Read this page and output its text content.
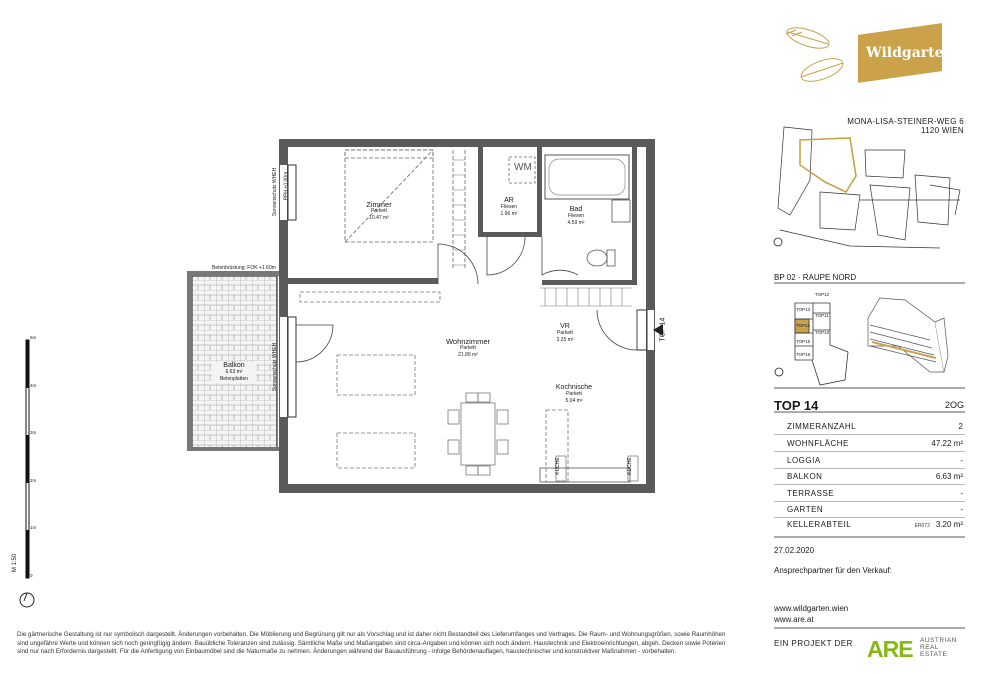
Zimmer
Parkett
10.47 m²
AR
Fliesen
1.96 m²
WM
Bad
Fliesen
4.59 m²
Wohnzimmer
Parkett
21.89 m²
VR
Parkett
3.25 m²
Kochnische
Parkett
5.04 m²
Balkon
6.63 m²
Betonplatten
Betonbrüstung: FOK +1.60m
Sonnenschutz WHEH PPH +0.00m
Sonnenschutz WHEH
KÜCHE	KÜCHE
TOP 14
5m
4m
3m
2m
1m
0
M 1:50
Wildgarten
MONA-LISA-STEINER-WEG 6
1120 WIEN
BP 02 · RAUPE NORD
TOP12
TOP13
TOP11
TOP14
TOP10
TOP15
TOP16
TOP 14	2OG
ZIMMERANZAHL	2
WOHNFLÄCHE	47.22 m²
LOGGIA	-
BALKON	6.63 m²
TERRASSE	-
GARTEN	-
KELLERABTEIL	ER072 3.20 m²
27.02.2020
Ansprechpartner für den Verkauf:
www.wildgarten.wien
www.are.at
EIN PROJEKT DER ARE AUSTRIAN
REAL
ESTATE
Die gärtnerische Gestaltung ist nur symbolisch dargestellt. Änderungen vorbehalten. Die Möblierung und Begrünung gilt nur als Vorschlag und ist daher nicht Bestandteil des Lieferumfanges und Vertrages. Die Raum- und Wohnungsgrößen, sowie Raumhöhen sind ungefähre Werte und können sich noch geringfügig ändern. Bauübliche Toleranzen sind zulässig. Sämtliche Maße und Maßangaben sind circa-Angaben und können sich noch ändern. Haustechnik und Elektroeinrichtungen, abgeh. Decken sowie Poterien sind nur nach Erfordernis dargestellt. Für die Anfertigung von Einbaumöbel sind die Naturmaße zu nehmen. Änderungen während der Bauausführung - infolge Behördenauflagen, haustechnischer und konstruktiver Maßnahmen - vorbehalten.
